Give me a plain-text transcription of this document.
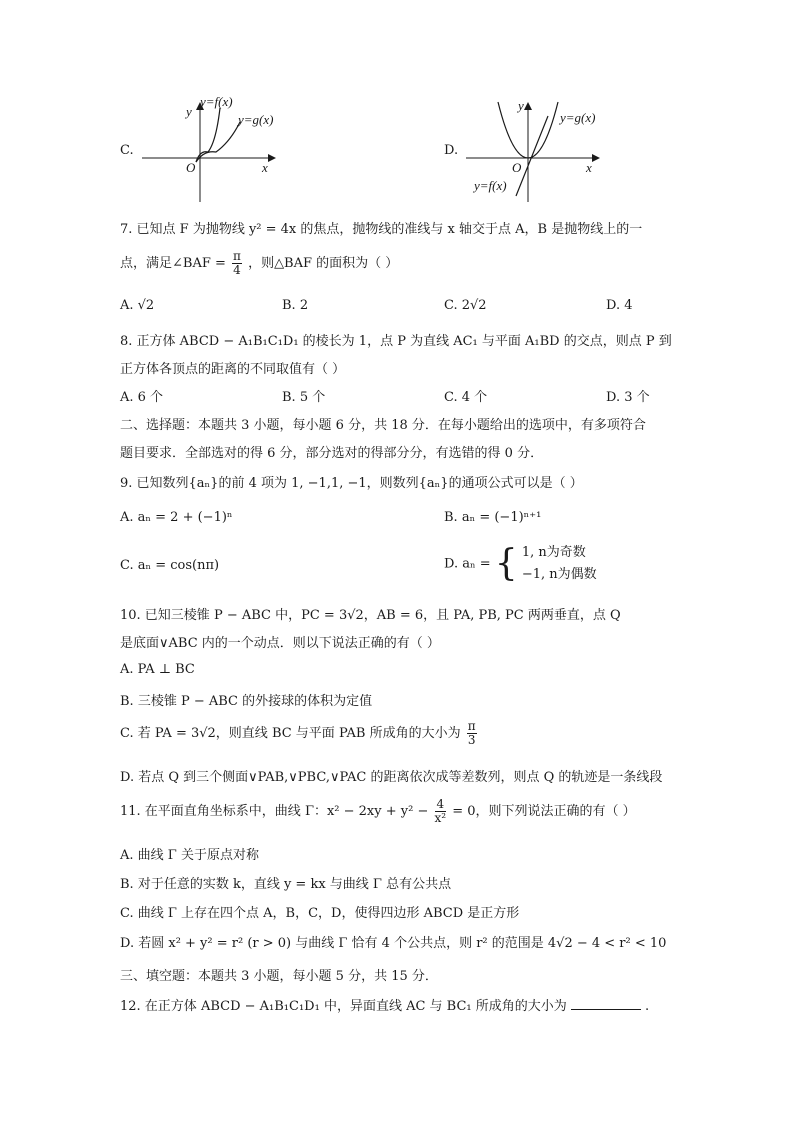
C.
y=f(x)
y=g(x)
y
x
O
D.
y=g(x)
y=f(x)
y
x
O
7. 已知点 F 为抛物线 y² = 4x 的焦点，抛物线的准线与 x 轴交于点 A，B 是抛物线上的一
点，满足∠BAF = $\frac{\pi}{4}$ ，则△BAF 的面积为（ ）
A. √2	B. 2	C. 2√2	D. 4
8. 正方体 ABCD − A₁B₁C₁D₁ 的棱长为 1，点 P 为直线 AC₁ 与平面 A₁BD 的交点，则点 P 到
正方体各顶点的距离的不同取值有（ ）
A. 6 个	B. 5 个	C. 4 个	D. 3 个
二、选择题：本题共 3 小题，每小题 6 分，共 18 分．在每小题给出的选项中，有多项符合
题目要求．全部选对的得 6 分，部分选对的得部分分，有选错的得 0 分．
9. 已知数列{aₙ}的前 4 项为 1, −1,1, −1，则数列{aₙ}的通项公式可以是（ ）
A. aₙ = 2 + (−1)ⁿ	B. aₙ = (−1)ⁿ⁺¹
C. aₙ = cos(nπ)	D. aₙ = { 1, n为奇数
−1, n为偶数
10. 已知三棱锥 P − ABC 中，PC = 3√2，AB = 6，且 PA, PB, PC 两两垂直，点 Q
是底面∨ABC 内的一个动点．则以下说法正确的有（ ）
A. PA ⊥ BC
B. 三棱锥 P − ABC 的外接球的体积为定值
C. 若 PA = 3√2，则直线 BC 与平面 PAB 所成角的大小为 $\frac{\pi}{3}$
D. 若点 Q 到三个侧面∨PAB,∨PBC,∨PAC 的距离依次成等差数列，则点 Q 的轨迹是一条线段
11. 在平面直角坐标系中，曲线 Γ：$x^2 - 2xy + y^2 - \frac{4}{\text{x²}} = 0$，则下列说法正确的有（ ）
A. 曲线 Γ 关于原点对称
B. 对于任意的实数 k，直线 y = kx 与曲线 Γ 总有公共点
C. 曲线 Γ 上存在四个点 A，B，C，D，使得四边形 ABCD 是正方形
D. 若圆 x² + y² = r² (r > 0) 与曲线 Γ 恰有 4 个公共点，则 r² 的范围是 4√2 − 4 < r² < 10
三、填空题：本题共 3 小题，每小题 5 分，共 15 分．
12. 在正方体 ABCD − A₁B₁C₁D₁ 中，异面直线 AC 与 BC₁ 所成角的大小为	.
